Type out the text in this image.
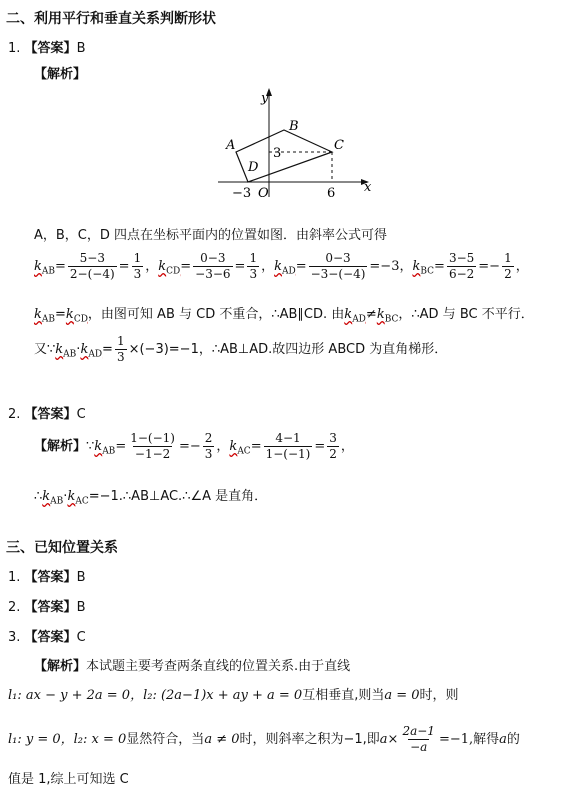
二、利用平行和垂直关系判断形状
1. 【答案】B
【解析】
y
x
A
B
C
D
O
3
−3	6
A，B，C，D 四点在坐标平面内的位置如图．由斜率公式可得
$k_{AB}= \frac{5-3}{2-(-4)} = \frac{1}{3}$ ，$k_{CD}= \frac{0-3}{-3-6} = \frac{1}{3}$ ，$k_{AD}= \frac{0-3}{-3-(-4)} =-3$，$k_{BC}= \frac{3-5}{6-2} =- \frac{1}{2}$ ，
$k_{AB}=k_{CD}$，由图可知 AB 与 CD 不重合，∴AB∥CD. 由$k_{AD}\ne k_{BC}$，∴AD 与 BC 不平行．
又$\because k_{AB}\cdot k_{AD}= \frac{1}{3} \times(-3)=-1$，∴AB⊥AD.故四边形 ABCD 为直角梯形．
2. 【答案】C
【解析】$\because k_{AB}= \frac{1-(-1)}{-1-2} =- \frac{2}{3}$ ，$k_{AC}= \frac{4-1}{1-(-1)} = \frac{3}{2}$ ，
$\therefore k_{AB}\cdot k_{AC}=-1.\therefore AB\perp AC.\therefore\angle A$ 是直角．
三、已知位置关系
1. 【答案】B
2. 【答案】B
3. 【答案】C
【解析】本试题主要考查两条直线的位置关系.由于直线
l₁: ax − y + 2a = 0，l₂: (2a−1)x + ay + a = 0互相垂直,则当a = 0时，则
l₁: y = 0，l₂: x = 0显然符合，当a ≠ 0时，则斜率之积为−1,即$a\times \frac{2a-1}{-a} =-1$,解得a的
值是 1,综上可知选 C
